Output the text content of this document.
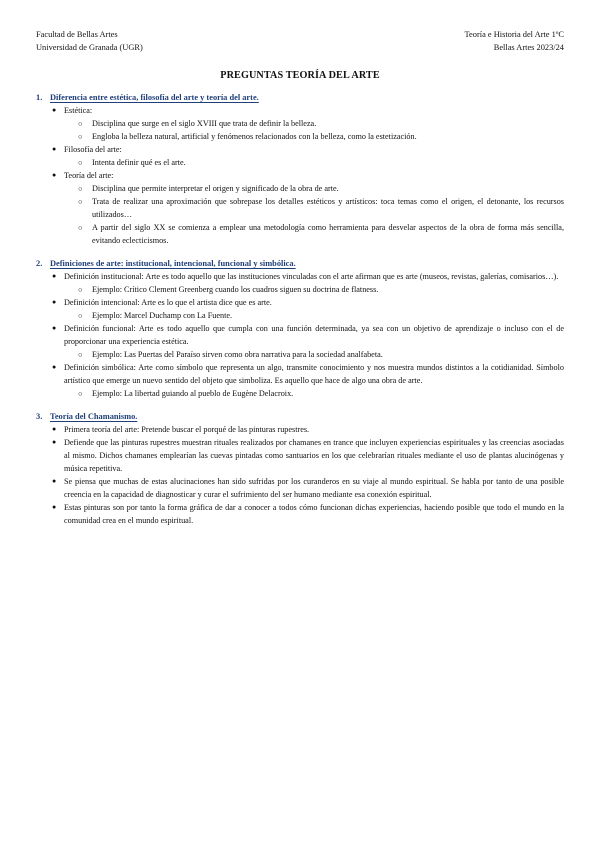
Facultad de Bellas Artes
Universidad de Granada (UGR)
Teoría e Historia del Arte 1ºC
Bellas Artes 2023/24
PREGUNTAS TEORÍA DEL ARTE
1. Diferencia entre estética, filosofía del arte y teoría del arte.
● Estética:
○ Disciplina que surge en el siglo XVIII que trata de definir la belleza.
○ Engloba la belleza natural, artificial y fenómenos relacionados con la belleza, como la estetización.
● Filosofía del arte:
○ Intenta definir qué es el arte.
● Teoría del arte:
○ Disciplina que permite interpretar el origen y significado de la obra de arte.
○ Trata de realizar una aproximación que sobrepase los detalles estéticos y artísticos: toca temas como el origen, el detonante, los recursos utilizados…
○ A partir del siglo XX se comienza a emplear una metodología como herramienta para desvelar aspectos de la obra de forma más sencilla, evitando eclecticismos.
2. Definiciones de arte: institucional, intencional, funcional y simbólica.
● Definición institucional: Arte es todo aquello que las instituciones vinculadas con el arte afirman que es arte (museos, revistas, galerías, comisarios…).
○ Ejemplo: Crítico Clement Greenberg cuando los cuadros siguen su doctrina de flatness.
● Definición intencional: Arte es lo que el artista dice que es arte.
○ Ejemplo: Marcel Duchamp con La Fuente.
● Definición funcional: Arte es todo aquello que cumpla con una función determinada, ya sea con un objetivo de aprendizaje o incluso con el de proporcionar una experiencia estética.
○ Ejemplo: Las Puertas del Paraíso sirven como obra narrativa para la sociedad analfabeta.
● Definición simbólica: Arte como símbolo que representa un algo, transmite conocimiento y nos muestra mundos distintos a la cotidianidad. Símbolo artístico que emerge un nuevo sentido del objeto que simboliza. Es aquello que hace de algo una obra de arte.
○ Ejemplo: La libertad guiando al pueblo de Eugène Delacroix.
3. Teoría del Chamanismo.
● Primera teoría del arte: Pretende buscar el porqué de las pinturas rupestres.
● Defiende que las pinturas rupestres muestran rituales realizados por chamanes en trance que incluyen experiencias espirituales y las creencias asociadas al mismo. Dichos chamanes emplearían las cuevas pintadas como santuarios en los que celebrarían rituales mediante el uso de plantas alucinógenas y música repetitiva.
● Se piensa que muchas de estas alucinaciones han sido sufridas por los curanderos en su viaje al mundo espiritual. Se habla por tanto de una posible creencia en la capacidad de diagnosticar y curar el sufrimiento del ser humano mediante esa conexión espiritual.
● Estas pinturas son por tanto la forma gráfica de dar a conocer a todos cómo funcionan dichas experiencias, haciendo posible que todo el mundo en la comunidad crea en el mundo espiritual.
